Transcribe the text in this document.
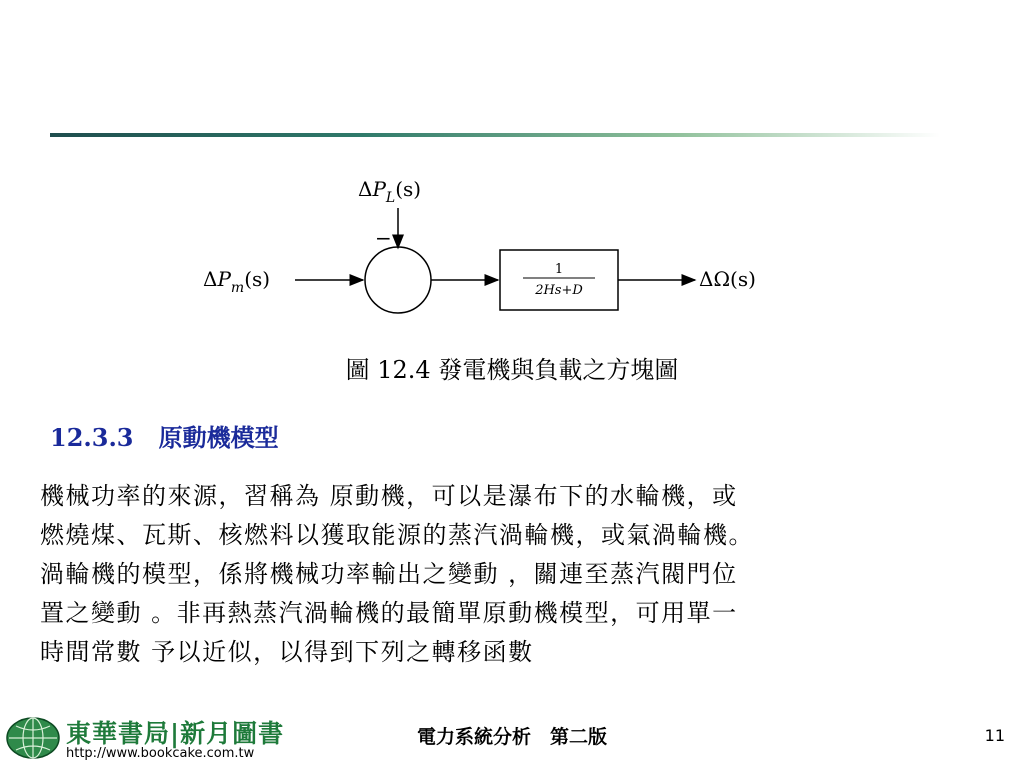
$\Delta P_L(s)$
−
$\Delta P_m(s)$	1
2Hs+D	ΔΩ(s)
圖 12.4 發電機與負載之方塊圖
12.3.3 原動機模型
機械功率的來源，習稱為 原動機，可以是瀑布下的水輪機，或
燃燒煤、瓦斯、核燃料以獲取能源的蒸汽渦輪機，或氣渦輪機。
渦輪機的模型，係將機械功率輸出之變動 ，關連至蒸汽閥門位
置之變動 。非再熱蒸汽渦輪機的最簡單原動機模型，可用單一
時間常數 予以近似，以得到下列之轉移函數
東華書局|新月圖書
http://www.bookcake.com.tw
電力系統分析　第二版	11
